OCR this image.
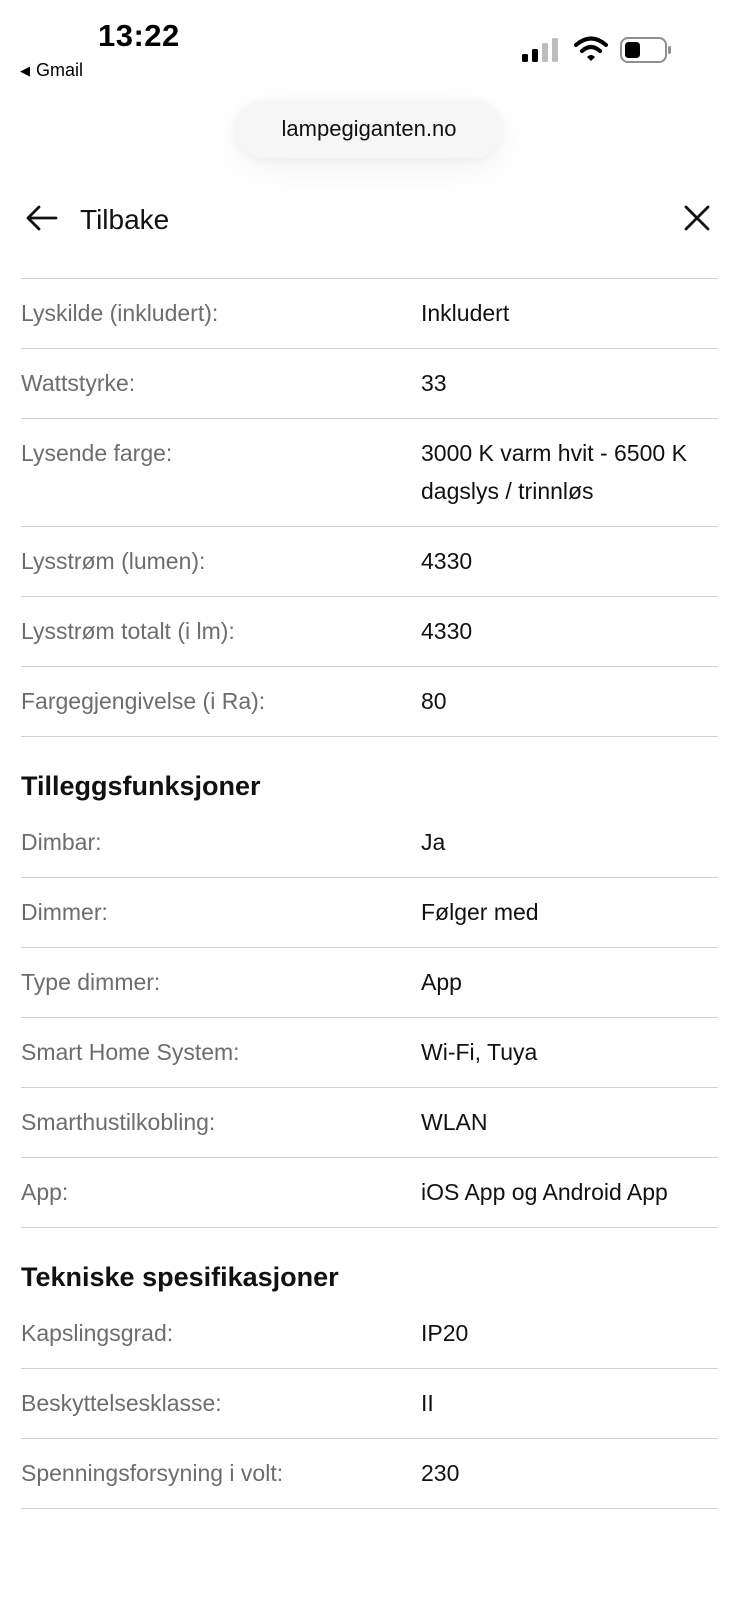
13:22
◀ Gmail
lampegiganten.no
Tilbake
Lyskilde (inkludert):	Inkludert
Wattstyrke:	33
Lysende farge:	3000 K varm hvit - 6500 K dagslys / trinnløs
Lysstrøm (lumen):	4330
Lysstrøm totalt (i lm):	4330
Fargegjengivelse (i Ra):	80
Tilleggsfunksjoner
Dimbar:	Ja
Dimmer:	Følger med
Type dimmer:	App
Smart Home System:	Wi-Fi, Tuya
Smarthustilkobling:	WLAN
App:	iOS App og Android App
Tekniske spesifikasjoner
Kapslingsgrad:	IP20
Beskyttelsesklasse:	II
Spenningsforsyning i volt:	230
